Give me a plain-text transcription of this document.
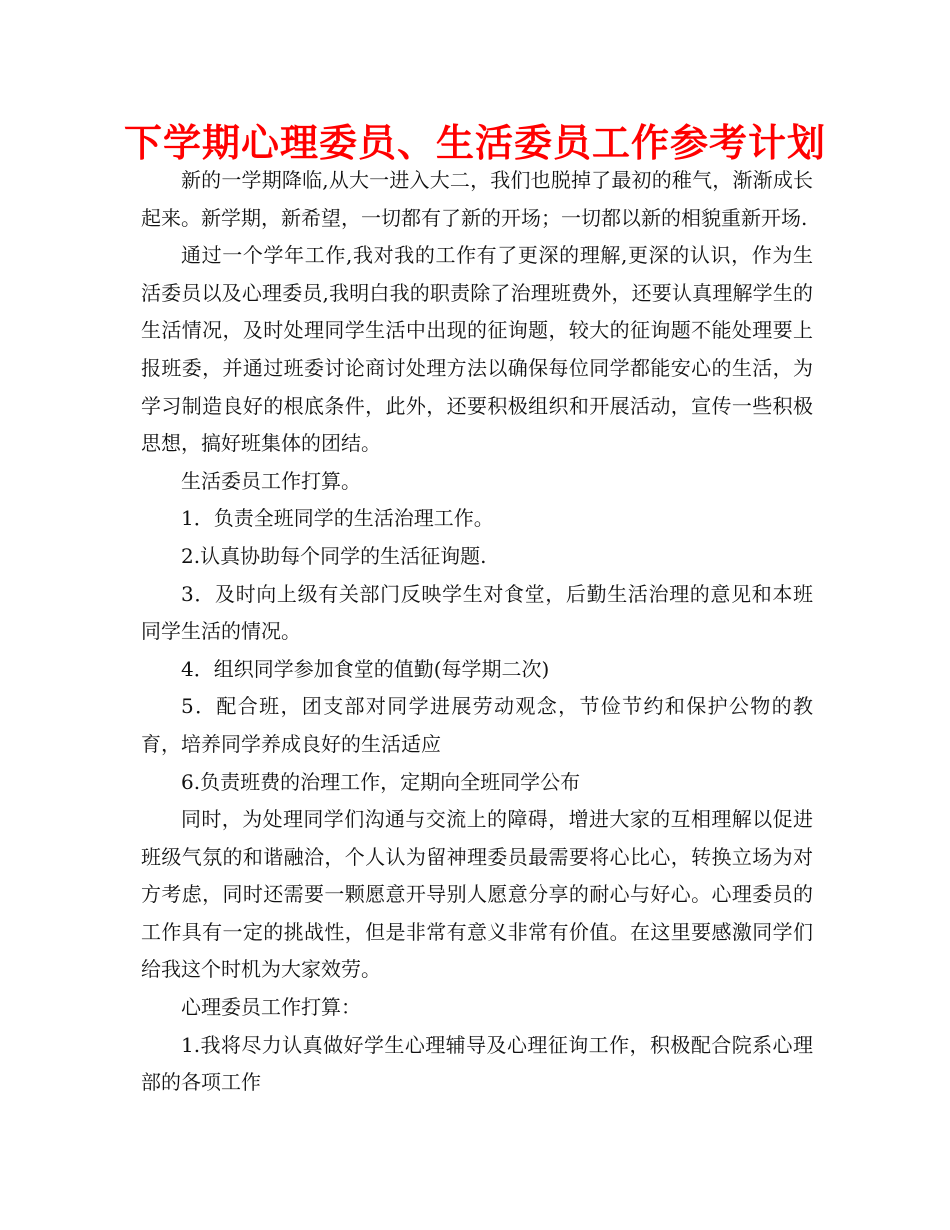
下学期心理委员、生活委员工作参考计划

新的一学期降临,从大一进入大二，我们也脱掉了最初的稚气，渐渐成长起来。新学期，新希望，一切都有了新的开场；一切都以新的相貌重新开场.

通过一个学年工作,我对我的工作有了更深的理解,更深的认识，作为生活委员以及心理委员,我明白我的职责除了治理班费外，还要认真理解学生的生活情况，及时处理同学生活中出现的征询题，较大的征询题不能处理要上报班委，并通过班委讨论商讨处理方法以确保每位同学都能安心的生活，为学习制造良好的根底条件，此外，还要积极组织和开展活动，宣传一些积极思想，搞好班集体的团结。

生活委员工作打算。

1．负责全班同学的生活治理工作。

2.认真协助每个同学的生活征询题.

3．及时向上级有关部门反映学生对食堂，后勤生活治理的意见和本班同学生活的情况。

4．组织同学参加食堂的值勤(每学期二次)

5．配合班，团支部对同学进展劳动观念，节俭节约和保护公物的教育，培养同学养成良好的生活适应

6.负责班费的治理工作，定期向全班同学公布

同时，为处理同学们沟通与交流上的障碍，增进大家的互相理解以促进班级气氛的和谐融洽，个人认为留神理委员最需要将心比心，转换立场为对方考虑，同时还需要一颗愿意开导别人愿意分享的耐心与好心。心理委员的工作具有一定的挑战性，但是非常有意义非常有价值。在这里要感激同学们给我这个时机为大家效劳。

心理委员工作打算：

1.我将尽力认真做好学生心理辅导及心理征询工作，积极配合院系心理部的各项工作
